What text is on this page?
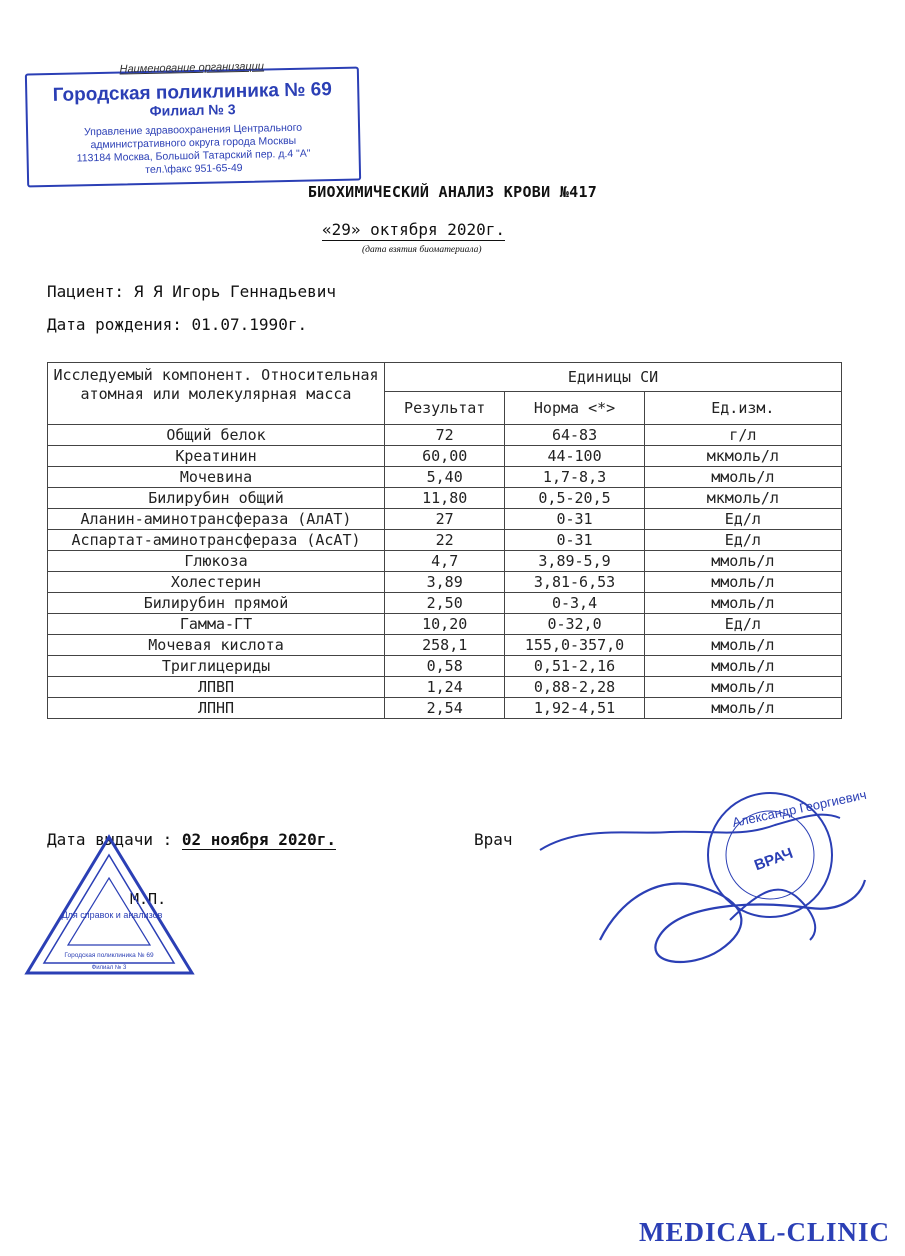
Наименование организации
Городская поликлиника № 69
Филиал № 3
Управление здравоохранения Центрального
административного округа города Москвы
113184 Москва, Большой Татарский пер. д.4 "А"
тел.\факс 951-65-49
БИОХИМИЧЕСКИЙ АНАЛИЗ КРОВИ №417
«29» октября 2020г.
(дата взятия биоматериала)
Пациент: Я Я Игорь Геннадьевич
Дата рождения: 01.07.1990г.
Исследуемый компонент. Относительная атомная или молекулярная масса	Единицы СИ		
	Результат	Норма <*>	Ед.изм.
Общий белок	72	64-83	г/л
Креатинин	60,00	44-100	мкмоль/л
Мочевина	5,40	1,7-8,3	ммоль/л
Билирубин общий	11,80	0,5-20,5	мкмоль/л
Аланин-аминотрансфераза (АлАТ)	27	0-31	Ед/л
Аспартат-аминотрансфераза (АсАТ)	22	0-31	Ед/л
Глюкоза	4,7	3,89-5,9	ммоль/л
Холестерин	3,89	3,81-6,53	ммоль/л
Билирубин прямой	2,50	0-3,4	ммоль/л
Гамма-ГТ	10,20	0-32,0	Ед/л
Мочевая кислота	258,1	155,0-357,0	ммоль/л
Триглицериды	0,58	0,51-2,16	ммоль/л
ЛПВП	1,24	0,88-2,28	ммоль/л
ЛПНП	2,54	1,92-4,51	ммоль/л
Дата выдачи : 02 ноября 2020г.	Врач
М.П.
Для справок и анализов
Городская поликлиника № 69
Филиал № 3
Александр Георгиевич
ВРАЧ
MEDICAL-CLINIC
